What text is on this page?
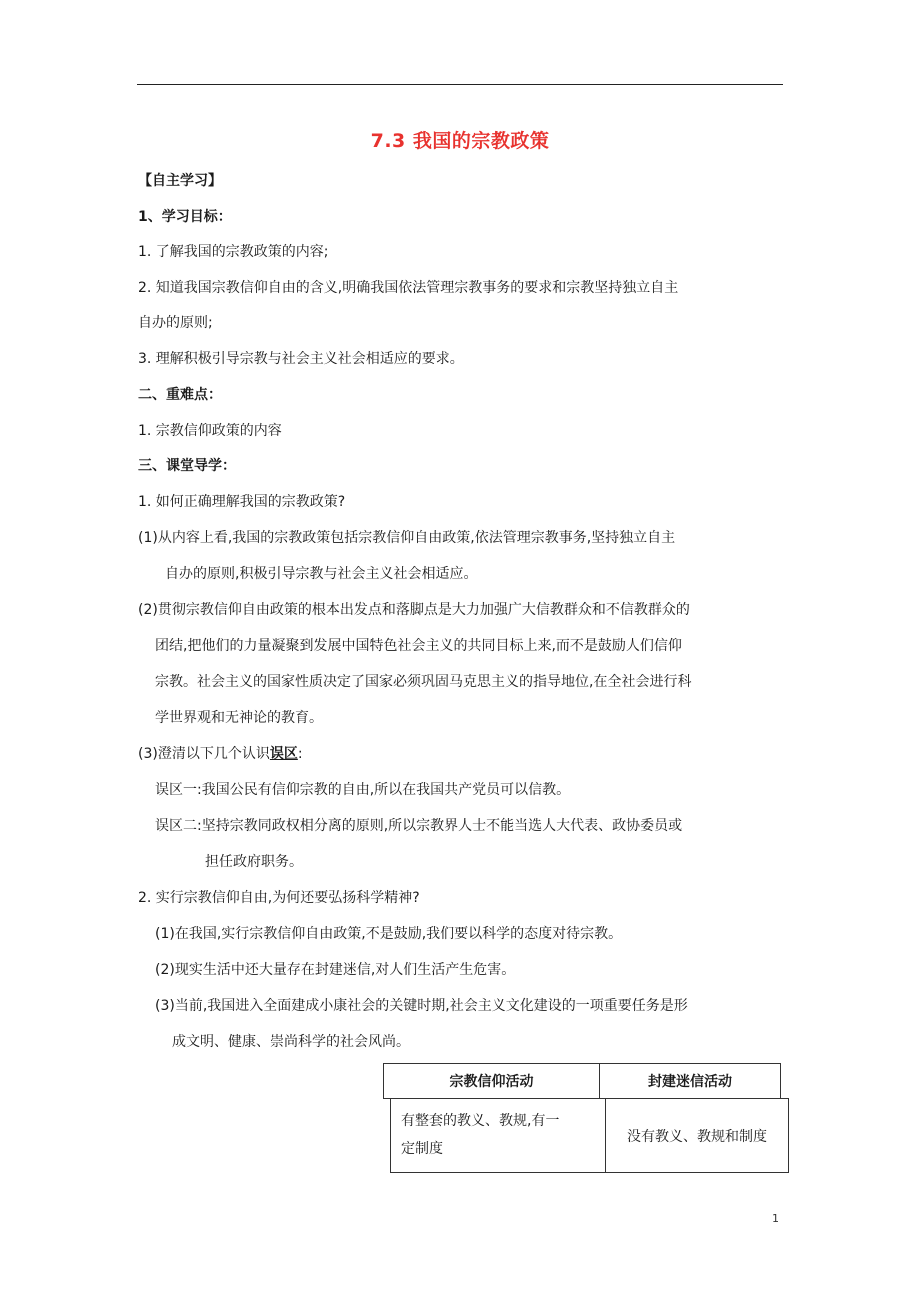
7.3 我国的宗教政策
【自主学习】
1、学习目标：
1. 了解我国的宗教政策的内容;
2. 知道我国宗教信仰自由的含义,明确我国依法管理宗教事务的要求和宗教坚持独立自主
自办的原则;
3. 理解积极引导宗教与社会主义社会相适应的要求。
二、重难点：
1. 宗教信仰政策的内容
三、课堂导学：
1. 如何正确理解我国的宗教政策?
(1)从内容上看,我国的宗教政策包括宗教信仰自由政策,依法管理宗教事务,坚持独立自主
自办的原则,积极引导宗教与社会主义社会相适应。
(2)贯彻宗教信仰自由政策的根本出发点和落脚点是大力加强广大信教群众和不信教群众的
团结,把他们的力量凝聚到发展中国特色社会主义的共同目标上来,而不是鼓励人们信仰
宗教。社会主义的国家性质决定了国家必须巩固马克思主义的指导地位,在全社会进行科
学世界观和无神论的教育。
(3)澄清以下几个认识误区:
误区一:我国公民有信仰宗教的自由,所以在我国共产党员可以信教。
误区二:坚持宗教同政权相分离的原则,所以宗教界人士不能当选人大代表、政协委员或
担任政府职务。
2. 实行宗教信仰自由,为何还要弘扬科学精神?
(1)在我国,实行宗教信仰自由政策,不是鼓励,我们要以科学的态度对待宗教。
(2)现实生活中还大量存在封建迷信,对人们生活产生危害。
(3)当前,我国进入全面建成小康社会的关键时期,社会主义文化建设的一项重要任务是形
成文明、健康、崇尚科学的社会风尚。
宗教信仰活动	封建迷信活动
有整套的教义、教规,有一
定制度
没有教义、教规和制度
1
